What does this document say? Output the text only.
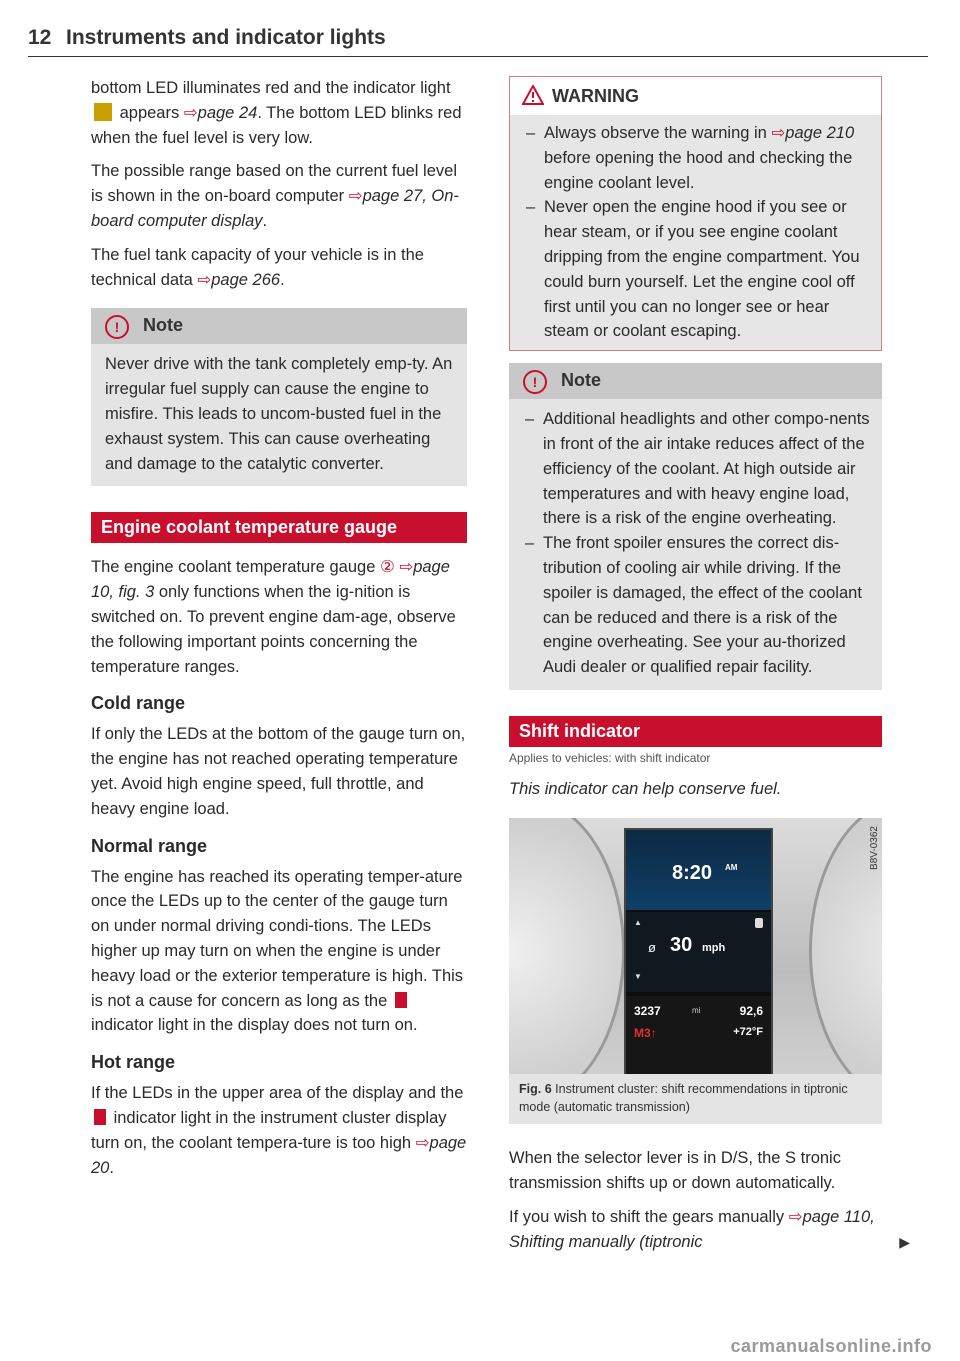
12 Instruments and indicator lights

bottom LED illuminates red and the indicator light  appears ⇨page 24. The bottom LED blinks red when the fuel level is very low.

The possible range based on the current fuel level is shown in the on-board computer ⇨page 27, On-board computer display.

The fuel tank capacity of your vehicle is in the technical data ⇨page 266.

!	Note

Never drive with the tank completely emp-ty. An irregular fuel supply can cause the engine to misfire. This leads to uncom-busted fuel in the exhaust system. This can cause overheating and damage to the catalytic converter.

Engine coolant temperature gauge

The engine coolant temperature gauge ② ⇨page 10, fig. 3 only functions when the ig-nition is switched on. To prevent engine dam-age, observe the following important points concerning the temperature ranges.

Cold range

If only the LEDs at the bottom of the gauge turn on, the engine has not reached operating temperature yet. Avoid high engine speed, full throttle, and heavy engine load.

Normal range

The engine has reached its operating temper-ature once the LEDs up to the center of the gauge turn on under normal driving condi-tions. The LEDs higher up may turn on when the engine is under heavy load or the exterior temperature is high. This is not a cause for concern as long as the  indicator light in the display does not turn on.

Hot range

If the LEDs in the upper area of the display and the  indicator light in the instrument cluster display turn on, the coolant tempera-ture is too high ⇨page 20.

WARNING
– Always observe the warning in ⇨page 210 before opening the hood and checking the engine coolant level.
– Never open the engine hood if you see or hear steam, or if you see engine coolant dripping from the engine compartment. You could burn yourself. Let the engine cool off first until you can no longer see or hear steam or coolant escaping.
!	Note
– Additional headlights and other compo-nents in front of the air intake reduces affect of the efficiency of the coolant. At high outside air temperatures and with heavy engine load, there is a risk of the engine overheating.
– The front spoiler ensures the correct dis-tribution of cooling air while driving. If the spoiler is damaged, the effect of the coolant can be reduced and there is a risk of the engine overheating. See your au-thorized Audi dealer or qualified repair facility.
Shift indicator
Applies to vehicles: with shift indicator

This indicator can help conserve fuel.

8:20 AM
▲
ø 30 mph
▼
3237	mi	92,6
M3↑	+72°F
B8V-0362
Fig. 6 Instrument cluster: shift recommendations in tiptronic mode (automatic transmission)

When the selector lever is in D/S, the S tronic transmission shifts up or down automatically.

If you wish to shift the gears manually ⇨page 110, Shifting manually (tiptronic	▶

carmanualsonline.info
